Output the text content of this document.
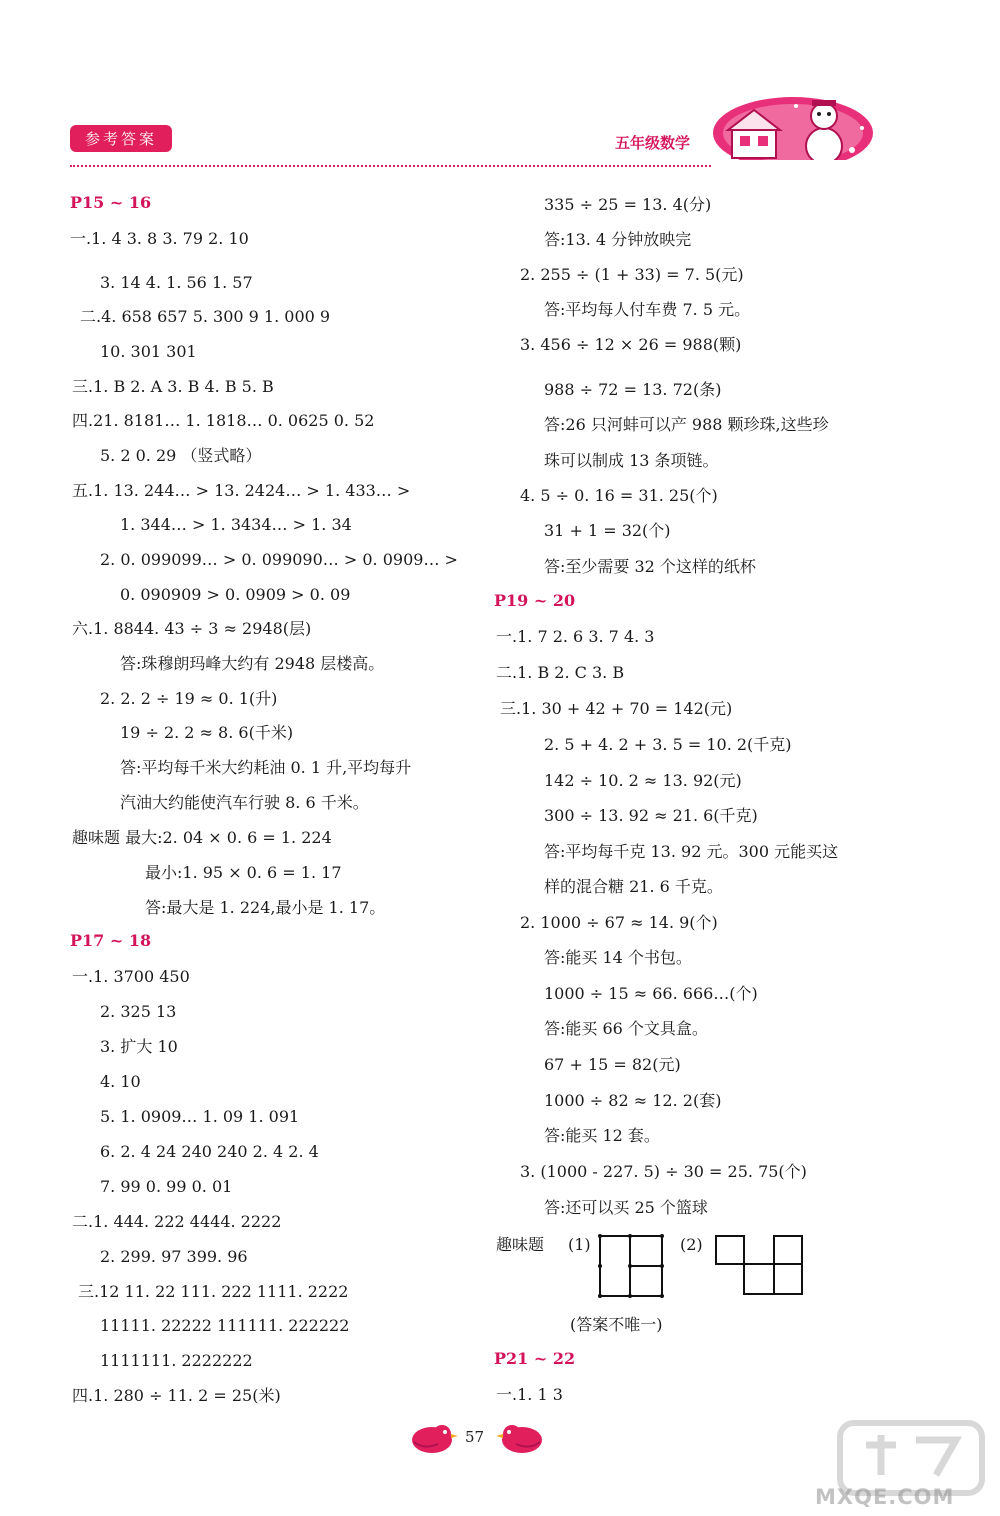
参考答案	五年级数学
P15 ~ 16
一.1. 4 3. 8 3. 79 2. 10
3. 14 4. 1. 56 1. 57
二.4. 658 657 5. 300 9 1. 000 9
10. 301 301
三.1. B 2. A 3. B 4. B 5. B
四.21. 8181… 1. 1818… 0. 0625 0. 52
5. 2 0. 29 （竖式略）
五.1. 13. 244… > 13. 2424… > 1. 433… >
1. 344… > 1. 3434… > 1. 34
2. 0. 099099… > 0. 099090… > 0. 0909… >
0. 090909 > 0. 0909 > 0. 09
六.1. 8844. 43 ÷ 3 ≈ 2948(层)
答:珠穆朗玛峰大约有 2948 层楼高。
2. 2. 2 ÷ 19 ≈ 0. 1(升)
19 ÷ 2. 2 ≈ 8. 6(千米)
答:平均每千米大约耗油 0. 1 升,平均每升
汽油大约能使汽车行驶 8. 6 千米。
趣味题 最大:2. 04 × 0. 6 = 1. 224
最小:1. 95 × 0. 6 = 1. 17
答:最大是 1. 224,最小是 1. 17。
P17 ~ 18
一.1. 3700 450
2. 325 13
3. 扩大 10
4. 10
5. 1. 0909… 1. 09 1. 091
6. 2. 4 24 240 240 2. 4 2. 4
7. 99 0. 99 0. 01
二.1. 444. 222 4444. 2222
2. 299. 97 399. 96
三.12 11. 22 111. 222 1111. 2222
11111. 22222 111111. 222222
1111111. 2222222
四.1. 280 ÷ 11. 2 = 25(米)
335 ÷ 25 = 13. 4(分)
答:13. 4 分钟放映完
2. 255 ÷ (1 + 33) = 7. 5(元)
答:平均每人付车费 7. 5 元。
3. 456 ÷ 12 × 26 = 988(颗)
988 ÷ 72 = 13. 72(条)
答:26 只河蚌可以产 988 颗珍珠,这些珍
珠可以制成 13 条项链。
4. 5 ÷ 0. 16 = 31. 25(个)
31 + 1 = 32(个)
答:至少需要 32 个这样的纸杯
P19 ~ 20
一.1. 7 2. 6 3. 7 4. 3
二.1. B 2. C 3. B
三.1. 30 + 42 + 70 = 142(元)
2. 5 + 4. 2 + 3. 5 = 10. 2(千克)
142 ÷ 10. 2 ≈ 13. 92(元)
300 ÷ 13. 92 ≈ 21. 6(千克)
答:平均每千克 13. 92 元。300 元能买这
样的混合糖 21. 6 千克。
2. 1000 ÷ 67 ≈ 14. 9(个)
答:能买 14 个书包。
1000 ÷ 15 ≈ 66. 666…(个)
答:能买 66 个文具盒。
67 + 15 = 82(元)
1000 ÷ 82 ≈ 12. 2(套)
答:能买 12 套。
3. (1000 - 227. 5) ÷ 30 = 25. 75(个)
答:还可以买 25 个篮球
趣味题 (1)	(2)
(答案不唯一)
P21 ~ 22
一.1. 1 3
57
MXQE.COM
